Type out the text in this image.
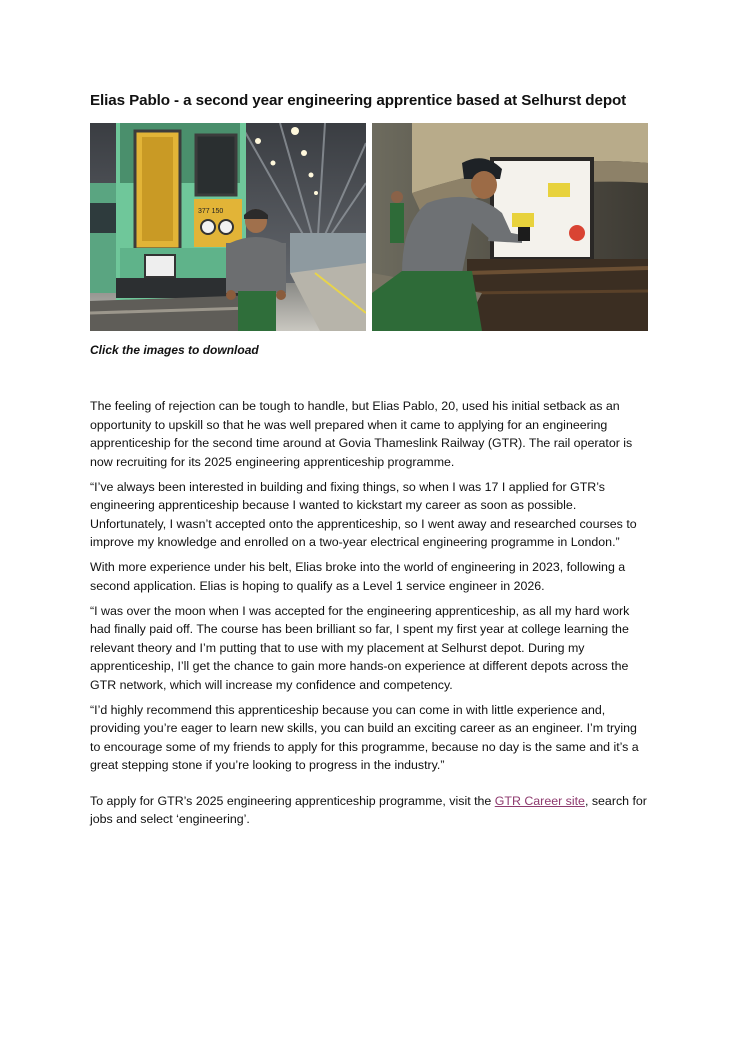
Elias Pablo - a second year engineering apprentice based at Selhurst depot
377 150
Click the images to download

The feeling of rejection can be tough to handle, but Elias Pablo, 20, used his initial setback as an opportunity to upskill so that he was well prepared when it came to applying for an engineering apprenticeship for the second time around at Govia Thameslink Railway (GTR). The rail operator is now recruiting for its 2025 engineering apprenticeship programme.

“I’ve always been interested in building and fixing things, so when I was 17 I applied for GTR’s engineering apprenticeship because I wanted to kickstart my career as soon as possible. Unfortunately, I wasn’t accepted onto the apprenticeship, so I went away and researched courses to improve my knowledge and enrolled on a two-year electrical engineering programme in London.”

With more experience under his belt, Elias broke into the world of engineering in 2023, following a second application. Elias is hoping to qualify as a Level 1 service engineer in 2026.

“I was over the moon when I was accepted for the engineering apprenticeship, as all my hard work had finally paid off. The course has been brilliant so far, I spent my first year at college learning the relevant theory and I’m putting that to use with my placement at Selhurst depot. During my apprenticeship, I’ll get the chance to gain more hands-on experience at different depots across the GTR network, which will increase my confidence and competency.

“I’d highly recommend this apprenticeship because you can come in with little experience and, providing you’re eager to learn new skills, you can build an exciting career as an engineer. I’m trying to encourage some of my friends to apply for this programme, because no day is the same and it’s a great stepping stone if you’re looking to progress in the industry.”

To apply for GTR’s 2025 engineering apprenticeship programme, visit the GTR Career site, search for jobs and select ‘engineering’.
